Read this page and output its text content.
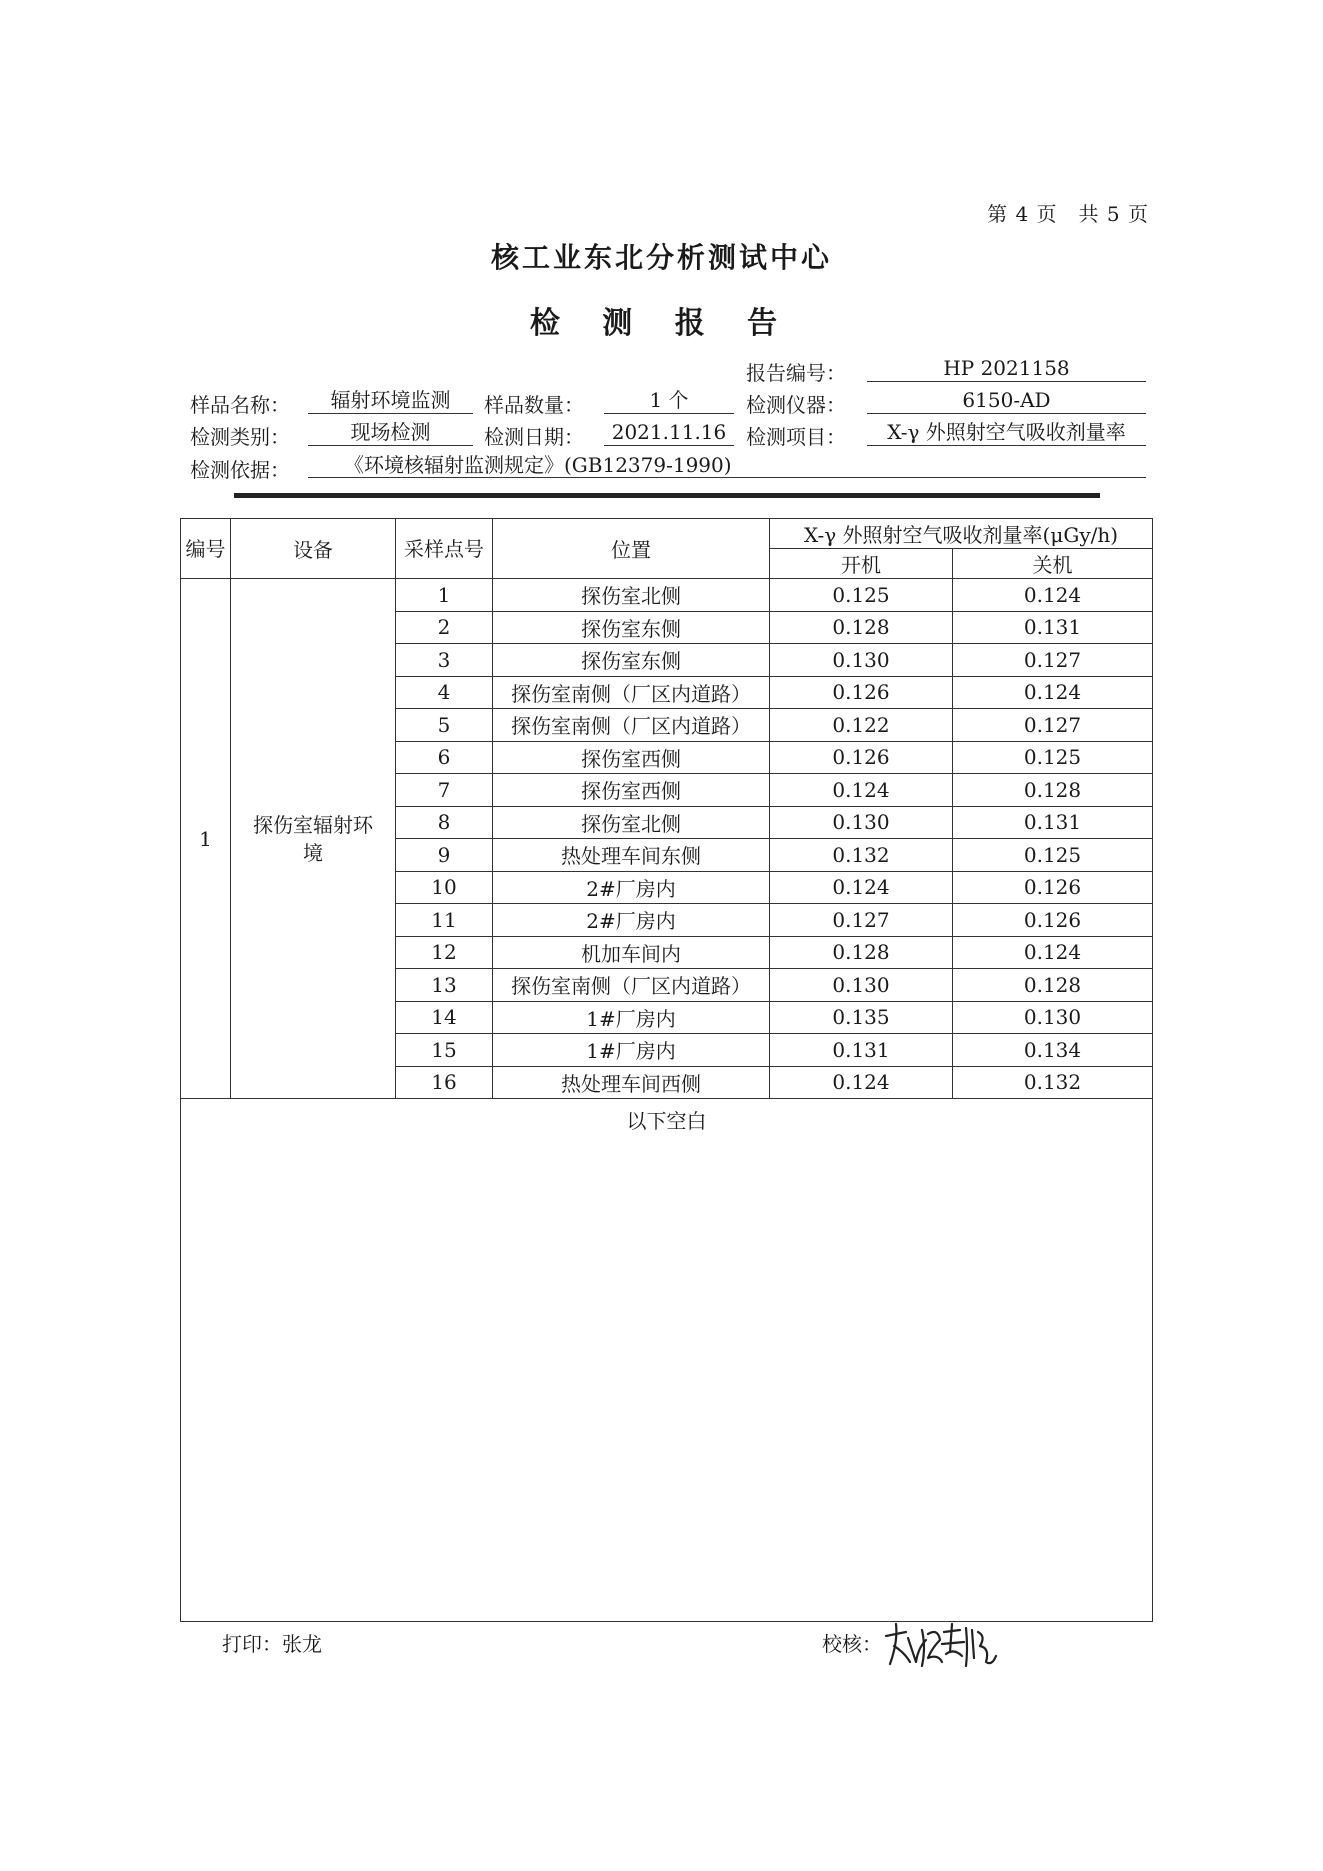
第 4 页　共 5 页
核工业东北分析测试中心
检 测 报 告
报告编号：	HP 2021158
样品名称：	辐射环境监测	样品数量：	1 个	检测仪器：	6150-AD
检测类别：	现场检测	检测日期：	2021.11.16 检测项目：	X-γ 外照射空气吸收剂量率
检测依据：	《环境核辐射监测规定》(GB12379-1990)
编号	设备	采样点号	位置	X-γ 外照射空气吸收剂量率(μGy/h)	
				开机	关机
1	探伤室辐射环境	1	探伤室北侧	0.125	0.124
		2	探伤室东侧	0.128	0.131
		3	探伤室东侧	0.130	0.127
		4	探伤室南侧（厂区内道路）	0.126	0.124
		5	探伤室南侧（厂区内道路）	0.122	0.127
		6	探伤室西侧	0.126	0.125
		7	探伤室西侧	0.124	0.128
		8	探伤室北侧	0.130	0.131
		9	热处理车间东侧	0.132	0.125
		10	2#厂房内	0.124	0.126
		11	2#厂房内	0.127	0.126
		12	机加车间内	0.128	0.124
		13	探伤室南侧（厂区内道路）	0.130	0.128
		14	1#厂房内	0.135	0.130
		15	1#厂房内	0.131	0.134
		16	热处理车间西侧	0.124	0.132

以下空白					
打印： 张龙	校核：
